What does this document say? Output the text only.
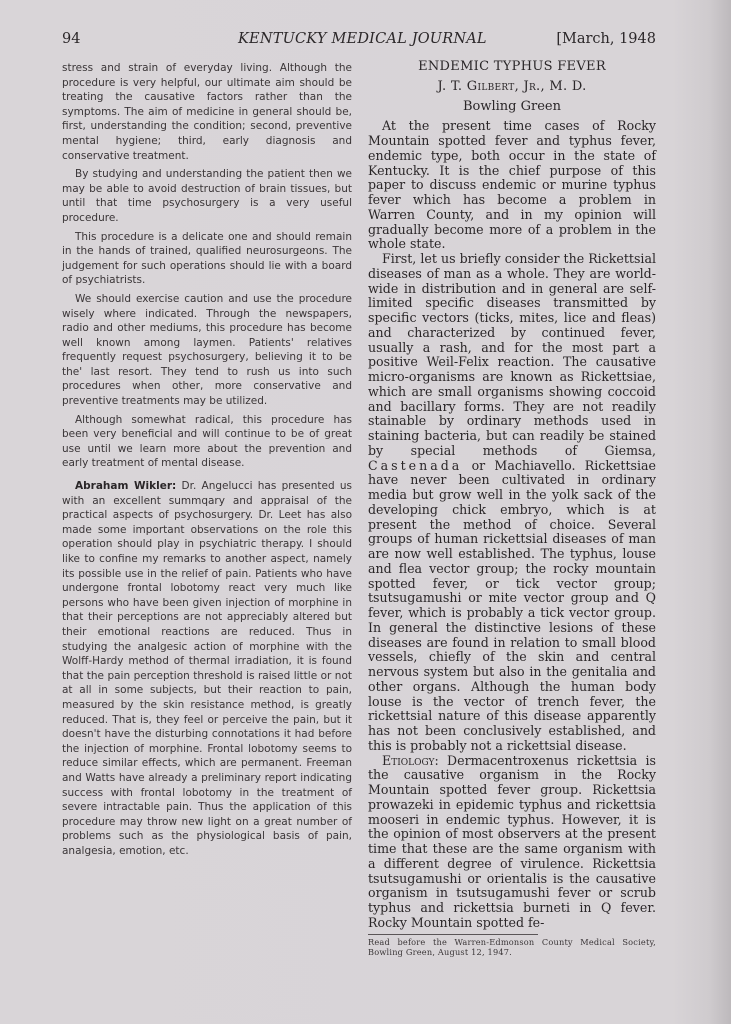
94	KENTUCKY MEDICAL JOURNAL	[March, 1948

stress and strain of everyday living. Although the procedure is very helpful, our ultimate aim should be treating the causative factors rather than the symptoms. The aim of medicine in general should be, first, understanding the condition; second, preventive mental hygiene; third, early diagnosis and conservative treatment.

By studying and understanding the patient then we may be able to avoid destruction of brain tissues, but until that time psychosurgery is a very useful procedure.

This procedure is a delicate one and should remain in the hands of trained, qualified neurosurgeons. The judgement for such operations should lie with a board of psychiatrists.

We should exercise caution and use the procedure wisely where indicated. Through the newspapers, radio and other mediums, this procedure has become well known among laymen. Patients' relatives frequently request psychosurgery, believing it to be the' last resort. They tend to rush us into such procedures when other, more conservative and preventive treatments may be utilized.

Although somewhat radical, this procedure has been very beneficial and will continue to be of great use until we learn more about the prevention and early treatment of mental disease.

Abraham Wikler: Dr. Angelucci has presented us with an excellent summqary and appraisal of the practical aspects of psychosurgery. Dr. Leet has also made some important observations on the role this operation should play in psychiatric therapy. I should like to confine my remarks to another aspect, namely its possible use in the relief of pain. Patients who have undergone frontal lobotomy react very much like persons who have been given injection of morphine in that their perceptions are not appreciably altered but their emotional reactions are reduced. Thus in studying the analgesic action of morphine with the Wolff-Hardy method of thermal irradiation, it is found that the pain perception threshold is raised little or not at all in some subjects, but their reaction to pain, measured by the skin resistance method, is greatly reduced. That is, they feel or perceive the pain, but it doesn't have the disturbing connotations it had before the injection of morphine. Frontal lobotomy seems to reduce similar effects, which are permanent. Freeman and Watts have already a preliminary report indicating success with frontal lobotomy in the treatment of severe intractable pain. Thus the application of this procedure may throw new light on a great number of problems such as the physiological basis of pain, analgesia, emotion, etc.

ENDEMIC TYPHUS FEVER
J. T. Gilbert, Jr., M. D.
Bowling Green

At the present time cases of Rocky Mountain spotted fever and typhus fever, endemic type, both occur in the state of Kentucky. It is the chief purpose of this paper to discuss endemic or murine typhus fever which has become a problem in Warren County, and in my opinion will gradually become more of a problem in the whole state.

First, let us briefly consider the Rickettsial diseases of man as a whole. They are world-wide in distribution and in general are self-limited specific diseases transmitted by specific vectors (ticks, mites, lice and fleas) and characterized by continued fever, usually a rash, and for the most part a positive Weil-Felix reaction. The causative micro-organisms are known as Rickettsiae, which are small organisms showing coccoid and bacillary forms. They are not readily stainable by ordinary methods used in staining bacteria, but can readily be stained by special methods of Giemsa, Castenada or Machiavello. Rickettsiae have never been cultivated in ordinary media but grow well in the yolk sack of the developing chick embryo, which is at present the method of choice. Several groups of human rickettsial diseases of man are now well established. The typhus, louse and flea vector group; the rocky mountain spotted fever, or tick vector group; tsutsugamushi or mite vector group and Q fever, which is probably a tick vector group. In general the distinctive lesions of these diseases are found in relation to small blood vessels, chiefly of the skin and central nervous system but also in the genitalia and other organs. Although the human body louse is the vector of trench fever, the rickettsial nature of this disease apparently has not been conclusively established, and this is probably not a rickettsial disease.

Etiology: Dermacentroxenus rickettsia is the causative organism in the Rocky Mountain spotted fever group. Rickettsia prowazeki in epidemic typhus and rickettsia mooseri in endemic typhus. However, it is the opinion of most observers at the present time that these are the same organism with a different degree of virulence. Rickettsia tsutsugamushi or orientalis is the causative organism in tsutsugamushi fever or scrub typhus and rickettsia burneti in Q fever. Rocky Mountain spotted fe-

Read before the Warren-Edmonson County Medical Society, Bowling Green, August 12, 1947.
